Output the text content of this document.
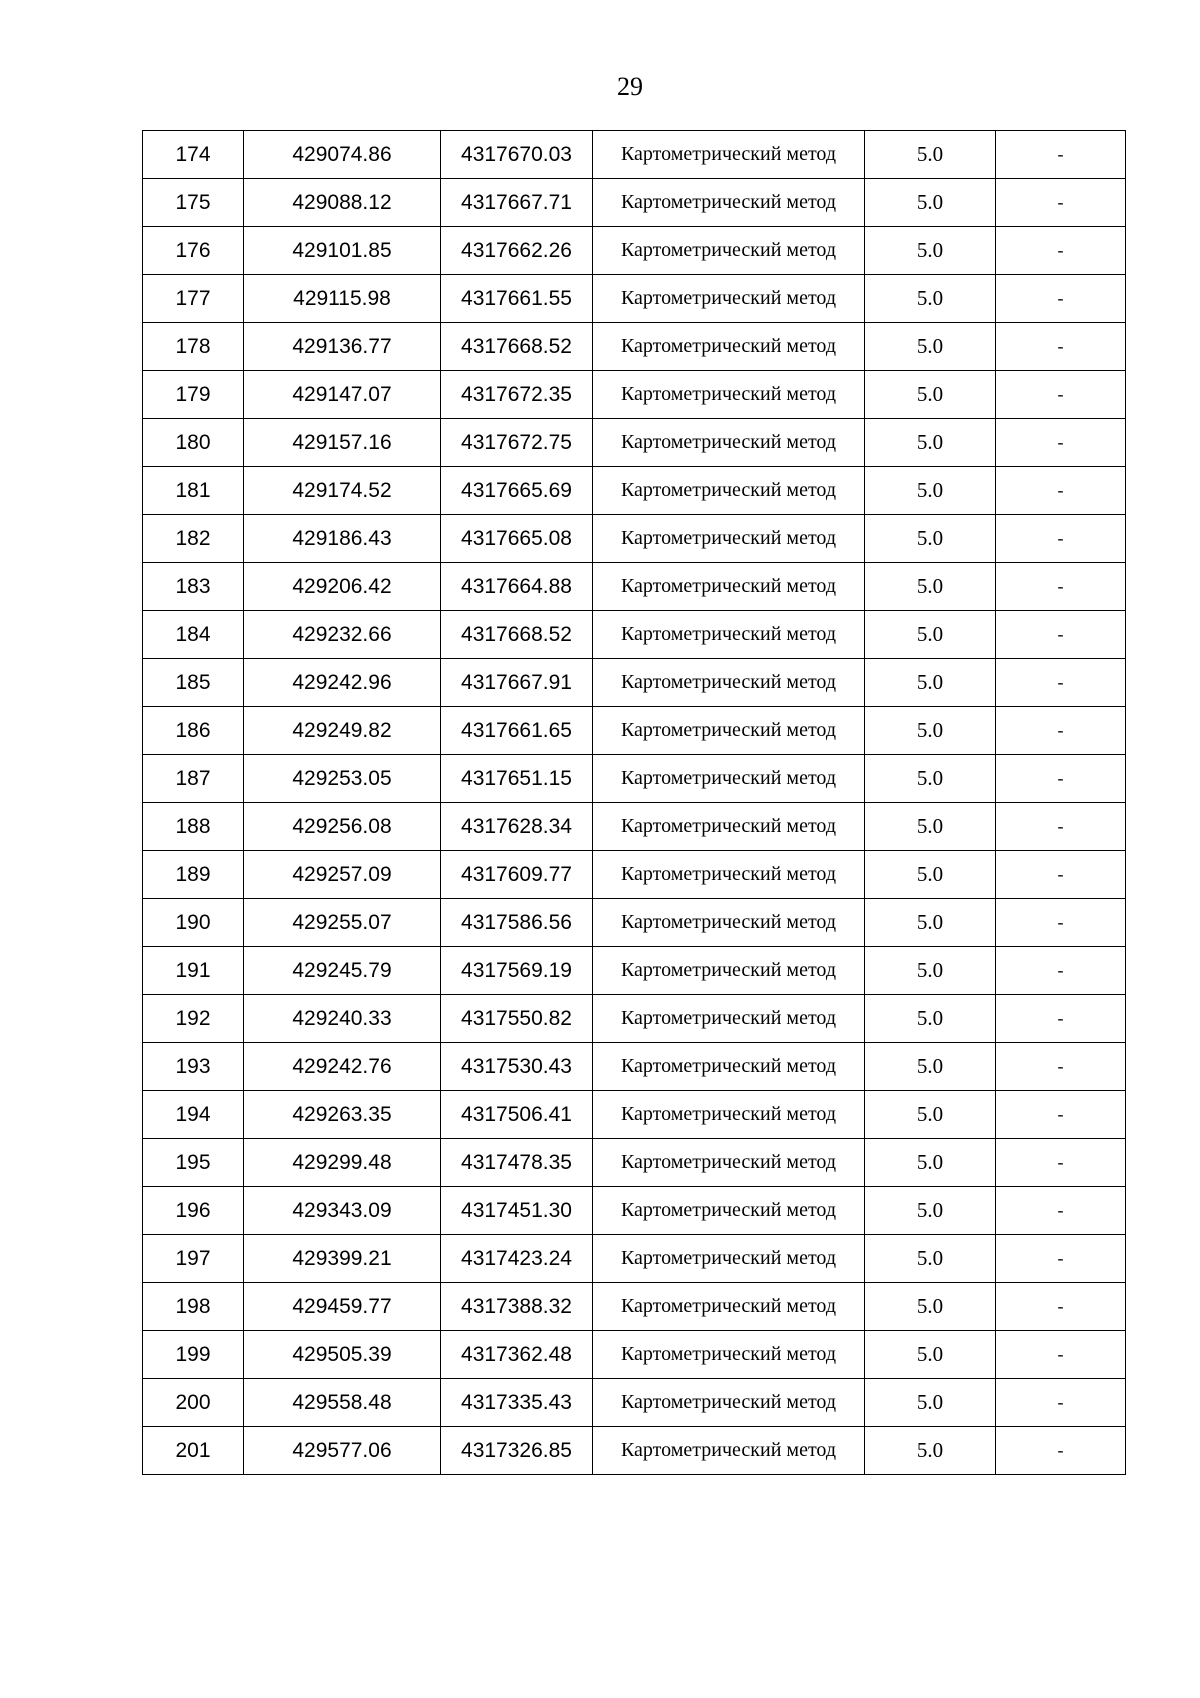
29
174	429074.86	4317670.03	Картометрический метод	5.0	-
175	429088.12	4317667.71	Картометрический метод	5.0	-
176	429101.85	4317662.26	Картометрический метод	5.0	-
177	429115.98	4317661.55	Картометрический метод	5.0	-
178	429136.77	4317668.52	Картометрический метод	5.0	-
179	429147.07	4317672.35	Картометрический метод	5.0	-
180	429157.16	4317672.75	Картометрический метод	5.0	-
181	429174.52	4317665.69	Картометрический метод	5.0	-
182	429186.43	4317665.08	Картометрический метод	5.0	-
183	429206.42	4317664.88	Картометрический метод	5.0	-
184	429232.66	4317668.52	Картометрический метод	5.0	-
185	429242.96	4317667.91	Картометрический метод	5.0	-
186	429249.82	4317661.65	Картометрический метод	5.0	-
187	429253.05	4317651.15	Картометрический метод	5.0	-
188	429256.08	4317628.34	Картометрический метод	5.0	-
189	429257.09	4317609.77	Картометрический метод	5.0	-
190	429255.07	4317586.56	Картометрический метод	5.0	-
191	429245.79	4317569.19	Картометрический метод	5.0	-
192	429240.33	4317550.82	Картометрический метод	5.0	-
193	429242.76	4317530.43	Картометрический метод	5.0	-
194	429263.35	4317506.41	Картометрический метод	5.0	-
195	429299.48	4317478.35	Картометрический метод	5.0	-
196	429343.09	4317451.30	Картометрический метод	5.0	-
197	429399.21	4317423.24	Картометрический метод	5.0	-
198	429459.77	4317388.32	Картометрический метод	5.0	-
199	429505.39	4317362.48	Картометрический метод	5.0	-
200	429558.48	4317335.43	Картометрический метод	5.0	-
201	429577.06	4317326.85	Картометрический метод	5.0	-
